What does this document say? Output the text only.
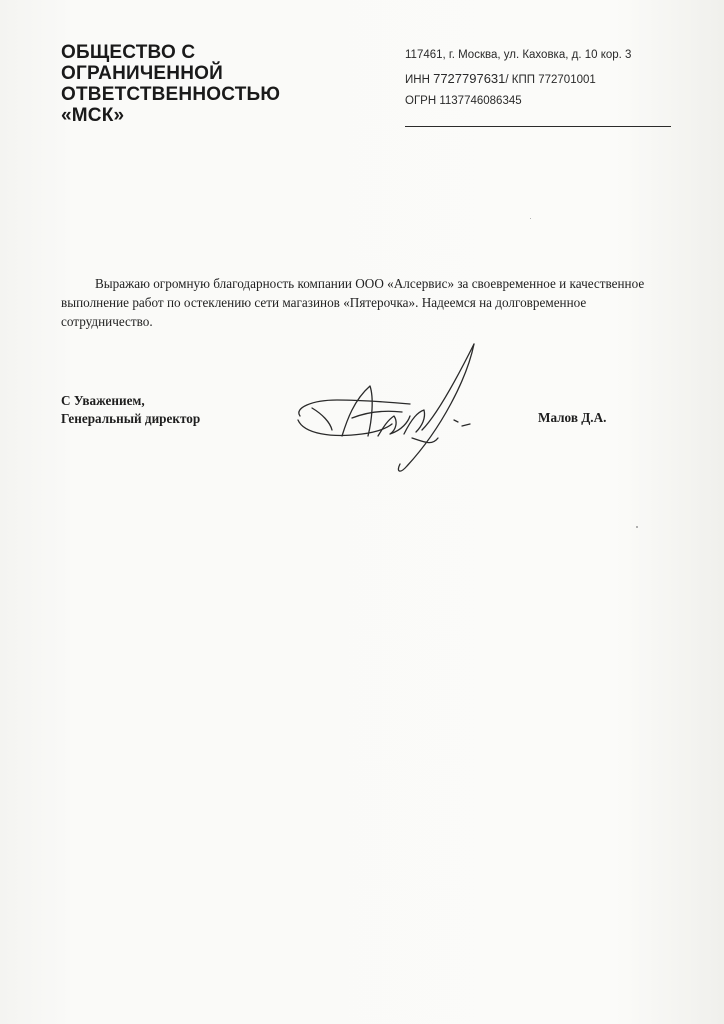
ОБЩЕСТВО С
ОГРАНИЧЕННОЙ
ОТВЕТСТВЕННОСТЬЮ
«МСК»
117461, г. Москва, ул. Каховка, д. 10 кор. 3
ИНН 7727797631/ КПП 772701001
ОГРН 1137746086345

Выражаю огромную благодарность компании ООО «Алсервис» за своевременное и качественное выполнение работ по остеклению сети магазинов «Пятерочка». Надеемся на долговременное сотрудничество.

С Уважением,
Генеральный директор	Малов Д.А.
